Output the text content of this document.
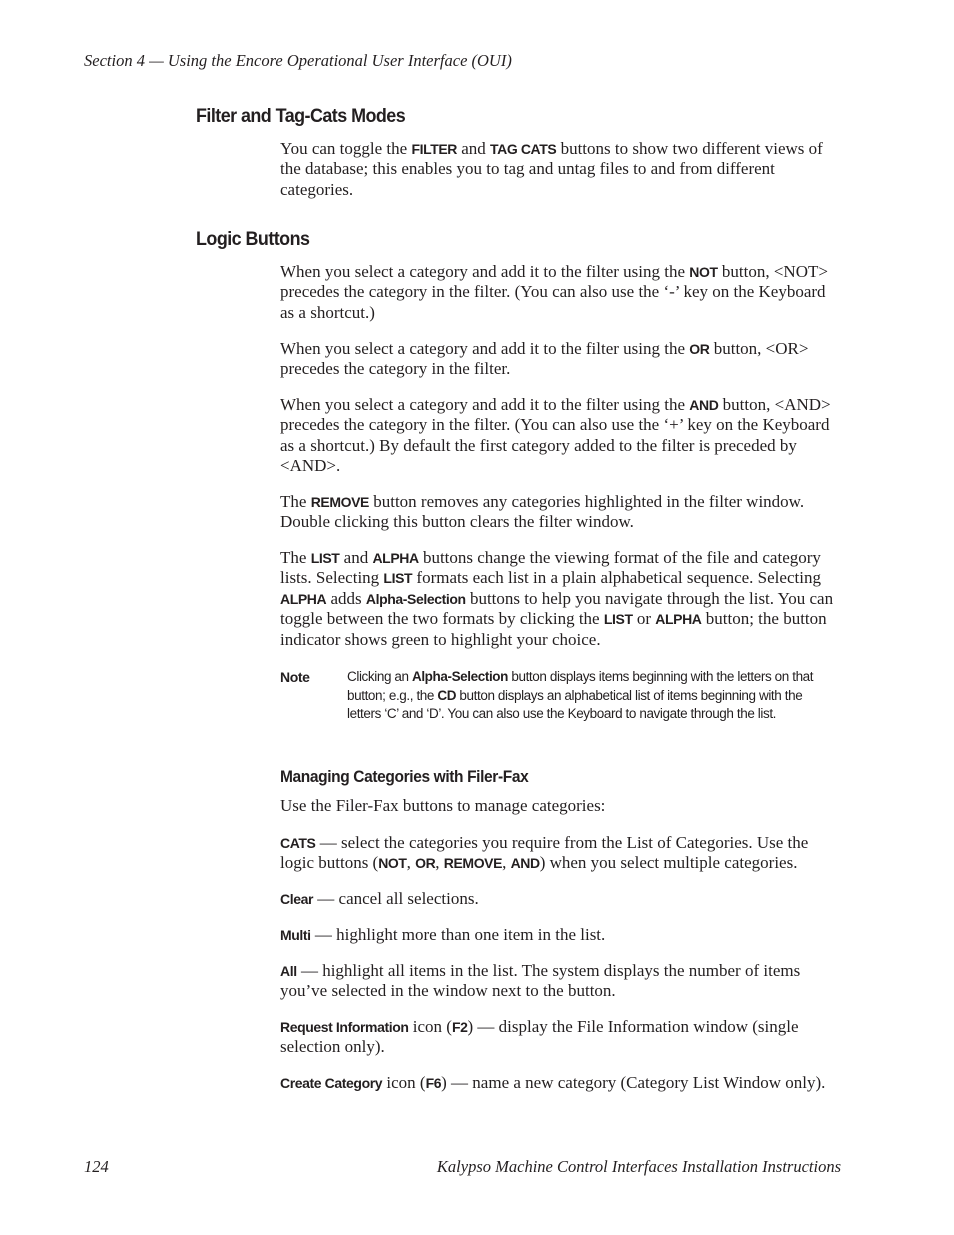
Section 4 — Using the Encore Operational User Interface (OUI)
Filter and Tag-Cats Modes

You can toggle the FILTER and TAG CATS buttons to show two different views of the database; this enables you to tag and untag files to and from different categories.

Logic Buttons

When you select a category and add it to the filter using the NOT button, <NOT> precedes the category in the filter. (You can also use the ‘-’ key on the Keyboard as a shortcut.)

When you select a category and add it to the filter using the OR button, <OR> precedes the category in the filter.

When you select a category and add it to the filter using the AND button, <AND> precedes the category in the filter. (You can also use the ‘+’ key on the Keyboard as a shortcut.) By default the first category added to the filter is preceded by <AND>.

The REMOVE button removes any categories highlighted in the filter window. Double clicking this button clears the filter window.

The LIST and ALPHA buttons change the viewing format of the file and category lists. Selecting LIST formats each list in a plain alphabetical sequence. Selecting ALPHA adds Alpha-Selection buttons to help you navigate through the list. You can toggle between the two formats by clicking the LIST or ALPHA button; the button indicator shows green to highlight your choice.

Note	Clicking an Alpha-Selection button displays items beginning with the letters on that button; e.g., the CD button displays an alphabetical list of items beginning with the letters ‘C’ and ‘D’. You can also use the Keyboard to navigate through the list.

Managing Categories with Filer-Fax

Use the Filer-Fax buttons to manage categories:

CATS — select the categories you require from the List of Categories. Use the logic buttons (NOT, OR, REMOVE, AND) when you select multiple categories.

Clear — cancel all selections.

Multi — highlight more than one item in the list.

All — highlight all items in the list. The system displays the number of items you’ve selected in the window next to the button.

Request Information icon (F2) — display the File Information window (single selection only).

Create Category icon (F6) — name a new category (Category List Window only).

124	Kalypso Machine Control Interfaces Installation Instructions
